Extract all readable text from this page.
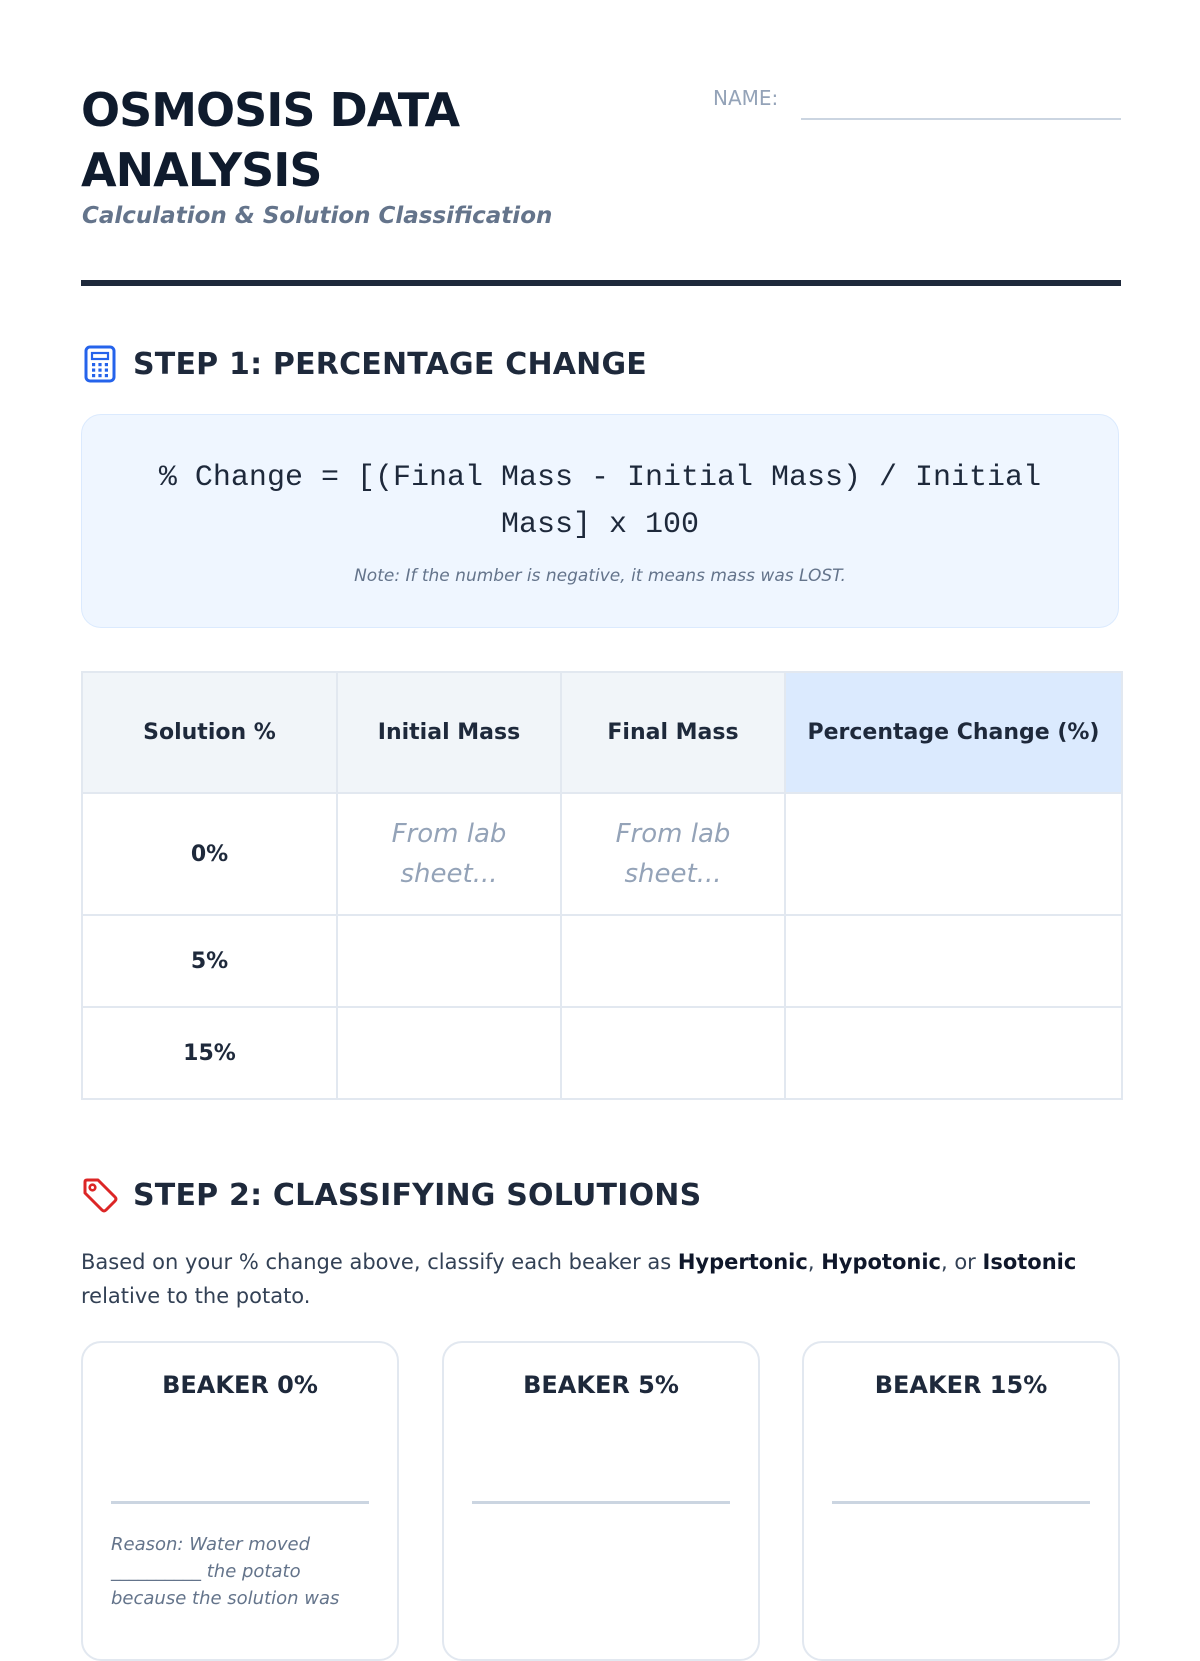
OSMOSIS DATA ANALYSIS
Calculation & Solution Classification
NAME:
STEP 1: PERCENTAGE CHANGE
% Change = [(Final Mass - Initial Mass) / Initial Mass] x 100
Note: If the number is negative, it means mass was LOST.
Solution %	Initial Mass	Final Mass	Percentage Change (%)
0%	From lab sheet...	From lab sheet...	
5%			
15%			
STEP 2: CLASSIFYING SOLUTIONS

Based on your % change above, classify each beaker as Hypertonic, Hypotonic, or Isotonic relative to the potato.

BEAKER 0%
Reason: Water moved __________ the potato because the solution was
BEAKER 5%	BEAKER 15%
